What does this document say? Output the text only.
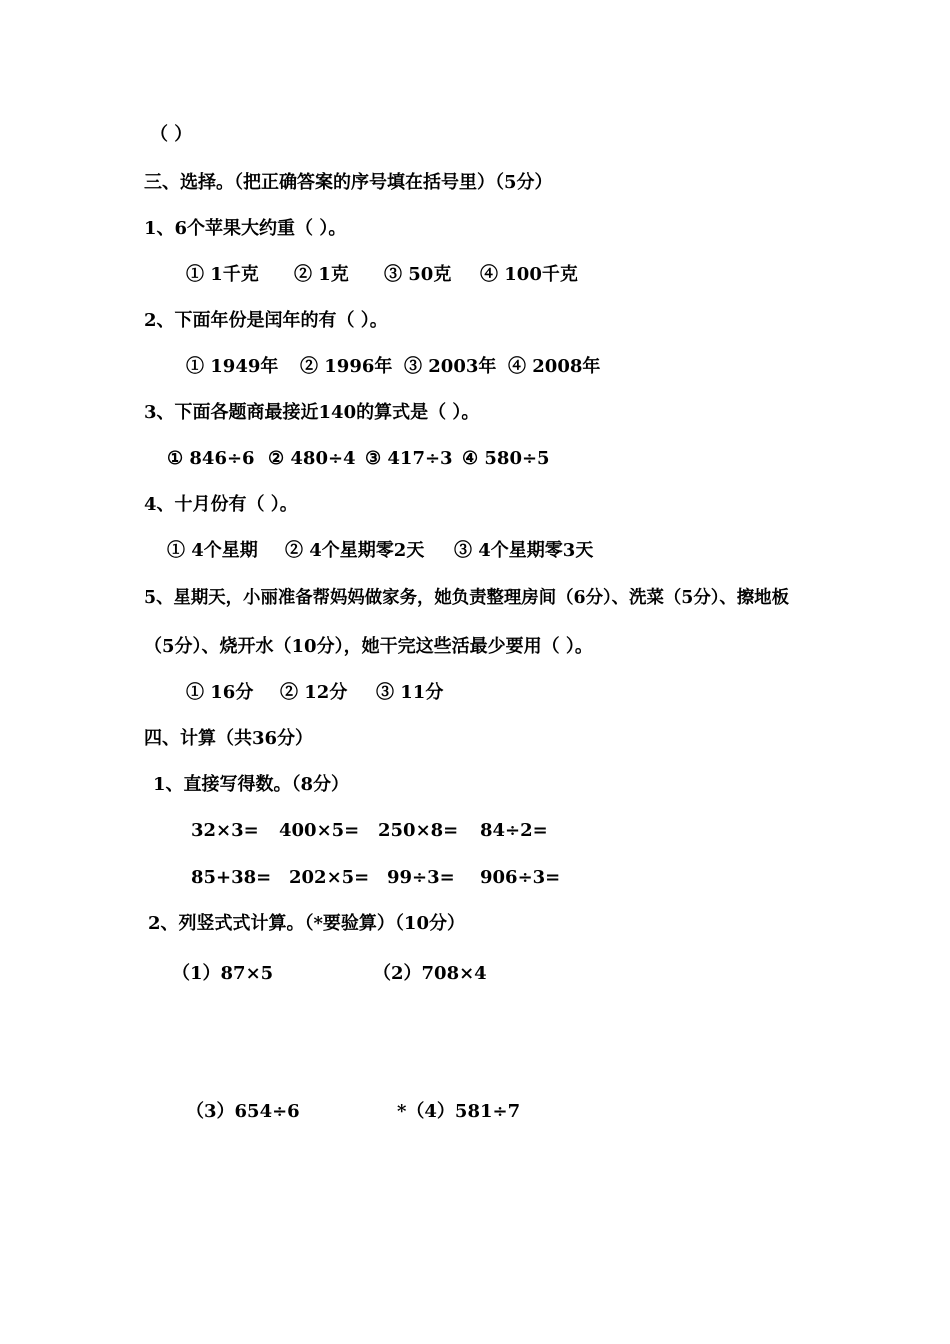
（ ）
三、选择。（把正确答案的序号填在括号里）（5分）
1、6个苹果大约重（ ）。
① 1千克 ② 1克 ③ 50克 ④ 100千克
2、下面年份是闰年的有（ ）。
① 1949年 ② 1996年 ③ 2003年 ④ 2008年
3、下面各题商最接近140的算式是（ ）。
① 846÷6 ② 480÷4 ③ 417÷3 ④ 580÷5
4、十月份有（ ）。
① 4个星期 ② 4个星期零2天 ③ 4个星期零3天
5、星期天，小丽准备帮妈妈做家务，她负责整理房间（6分）、洗菜（5分）、擦地板
（5分）、烧开水（10分），她干完这些活最少要用（ ）。
① 16分 ② 12分 ③ 11分
四、计算（共36分）
1、直接写得数。（8分）
32×3= 400×5= 250×8= 84÷2=
85+38= 202×5= 99÷3= 906÷3=
2、列竖式式计算。（*要验算）（10分）
（1）87×5	（2）708×4
（3）654÷6	*（4）581÷7
